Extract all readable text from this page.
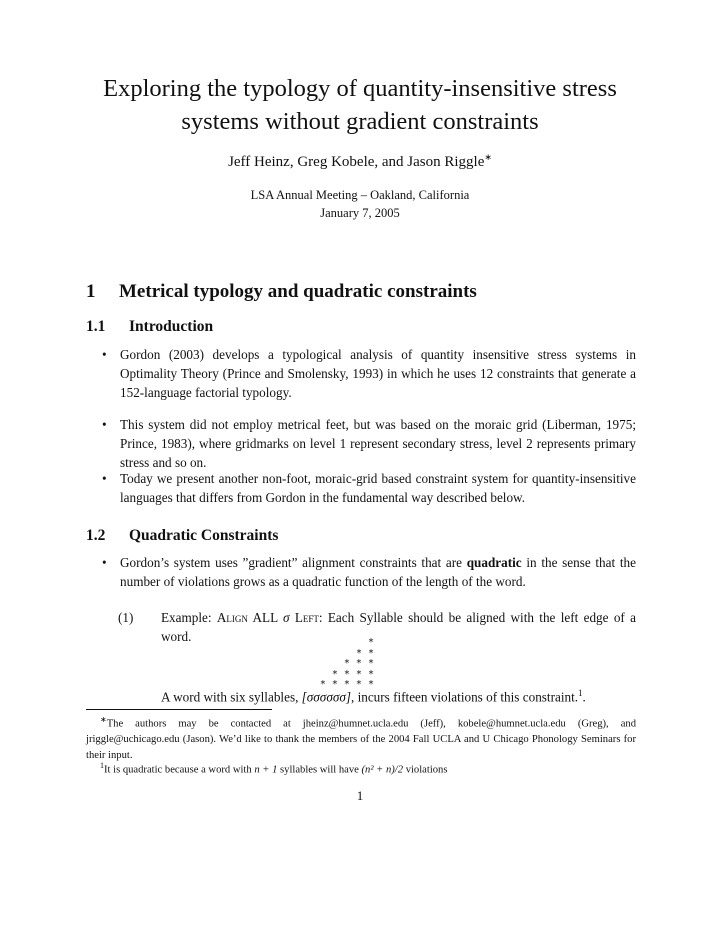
Exploring the typology of quantity-insensitive stress
systems without gradient constraints
Jeff Heinz, Greg Kobele, and Jason Riggle∗
LSA Annual Meeting – Oakland, California
January 7, 2005
1 Metrical typology and quadratic constraints
1.1 Introduction
• Gordon (2003) develops a typological analysis of quantity insensitive stress systems in Optimality Theory (Prince and Smolensky, 1993) in which he uses 12 constraints that generate a 152-language factorial typology.
• This system did not employ metrical feet, but was based on the moraic grid (Liberman, 1975; Prince, 1983), where gridmarks on level 1 represent secondary stress, level 2 represents primary stress and so on.
• Today we present another non-foot, moraic-grid based constraint system for quantity-insensitive languages that differs from Gordon in the fundamental way described below.
1.2 Quadratic Constraints
• Gordon’s system uses ”gradient” alignment constraints that are quadratic in the sense that the number of violations grows as a quadratic function of the length of the word.
(1) Example: Align ALL σ Left: Each Syllable should be aligned with the left edge of a word.	*
* *
* * *
* * * *
* * * * *
A word with six syllables, [σσσσσσ], incurs fifteen violations of this constraint.$^1$.
∗The authors may be contacted at jheinz@humnet.ucla.edu (Jeff), kobele@humnet.ucla.edu (Greg), and jriggle@uchicago.edu (Jason). We’d like to thank the members of the 2004 Fall UCLA and U Chicago Phonology Seminars for their input.
$^1$It is quadratic because a word with n + 1 syllables will have (n² + n)/2 violations
1
